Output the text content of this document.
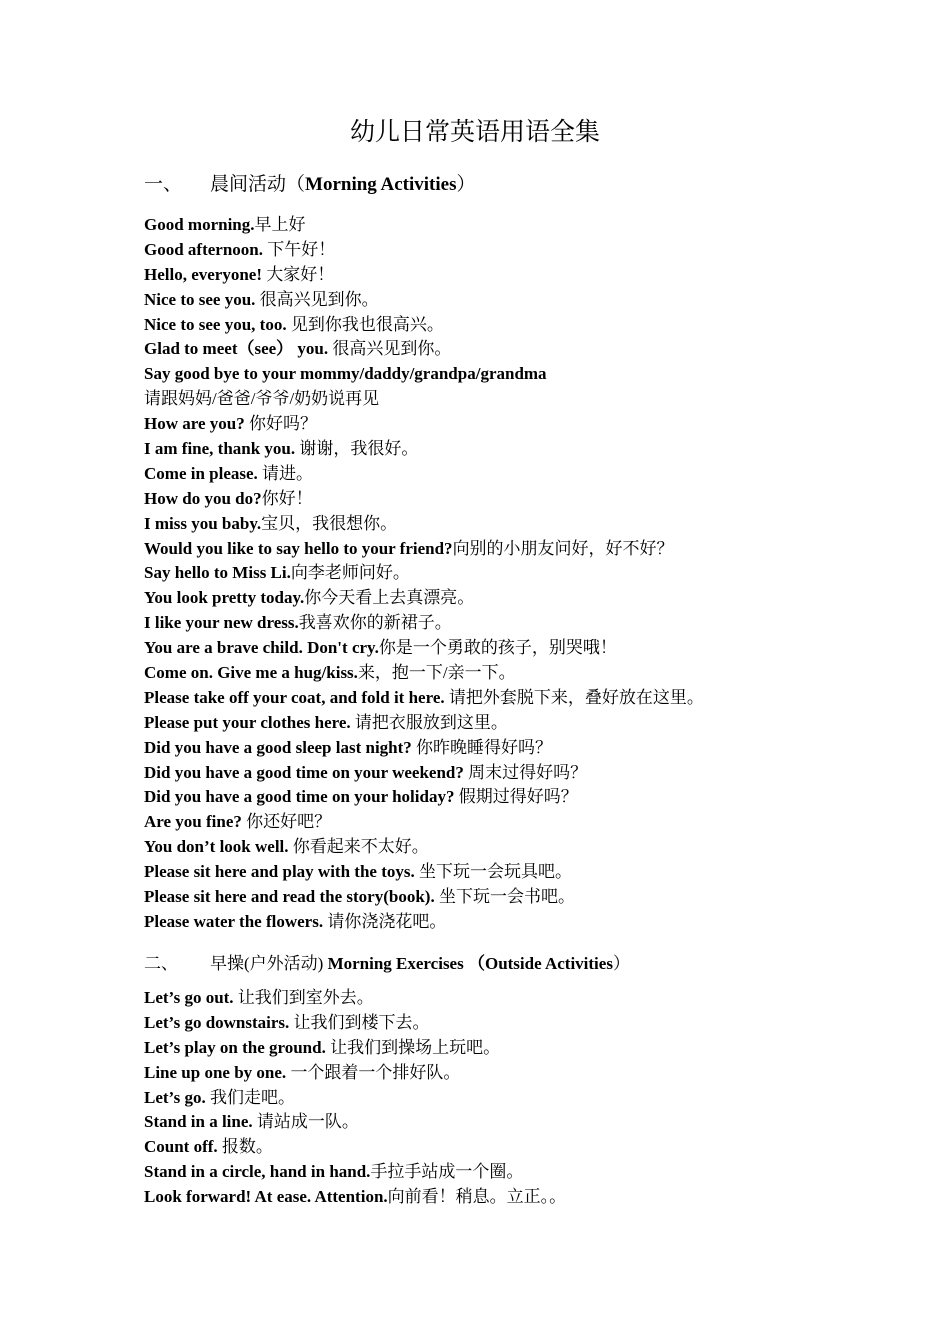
幼儿日常英语用语全集
一、 晨间活动（Morning Activities）
Good morning.早上好
Good afternoon. 下午好！
Hello, everyone! 大家好！
Nice to see you. 很高兴见到你。
Nice to see you, too. 见到你我也很高兴。
Glad to meet（see） you. 很高兴见到你。
Say good bye to your mommy/daddy/grandpa/grandma
请跟妈妈/爸爸/爷爷/奶奶说再见
How are you? 你好吗？
I am fine, thank you. 谢谢，我很好。
Come in please. 请进。
How do you do?你好！
I miss you baby.宝贝，我很想你。
Would you like to say hello to your friend?向别的小朋友问好，好不好？
Say hello to Miss Li.向李老师问好。
You look pretty today.你今天看上去真漂亮。
I like your new dress.我喜欢你的新裙子。
You are a brave child. Don't cry.你是一个勇敢的孩子，别哭哦！
Come on. Give me a hug/kiss.来，抱一下/亲一下。
Please take off your coat, and fold it here. 请把外套脱下来，叠好放在这里。
Please put your clothes here. 请把衣服放到这里。
Did you have a good sleep last night? 你昨晚睡得好吗？
Did you have a good time on your weekend? 周末过得好吗？
Did you have a good time on your holiday? 假期过得好吗？
Are you fine? 你还好吧？
You don’t look well. 你看起来不太好。
Please sit here and play with the toys. 坐下玩一会玩具吧。
Please sit here and read the story(book). 坐下玩一会书吧。
Please water the flowers. 请你浇浇花吧。
二、 早操(户外活动) Morning Exercises （Outside Activities）
Let’s go out. 让我们到室外去。
Let’s go downstairs. 让我们到楼下去。
Let’s play on the ground. 让我们到操场上玩吧。
Line up one by one. 一个跟着一个排好队。
Let’s go. 我们走吧。
Stand in a line. 请站成一队。
Count off. 报数。
Stand in a circle, hand in hand.手拉手站成一个圈。
Look forward! At ease. Attention.向前看！稍息。立正。。
